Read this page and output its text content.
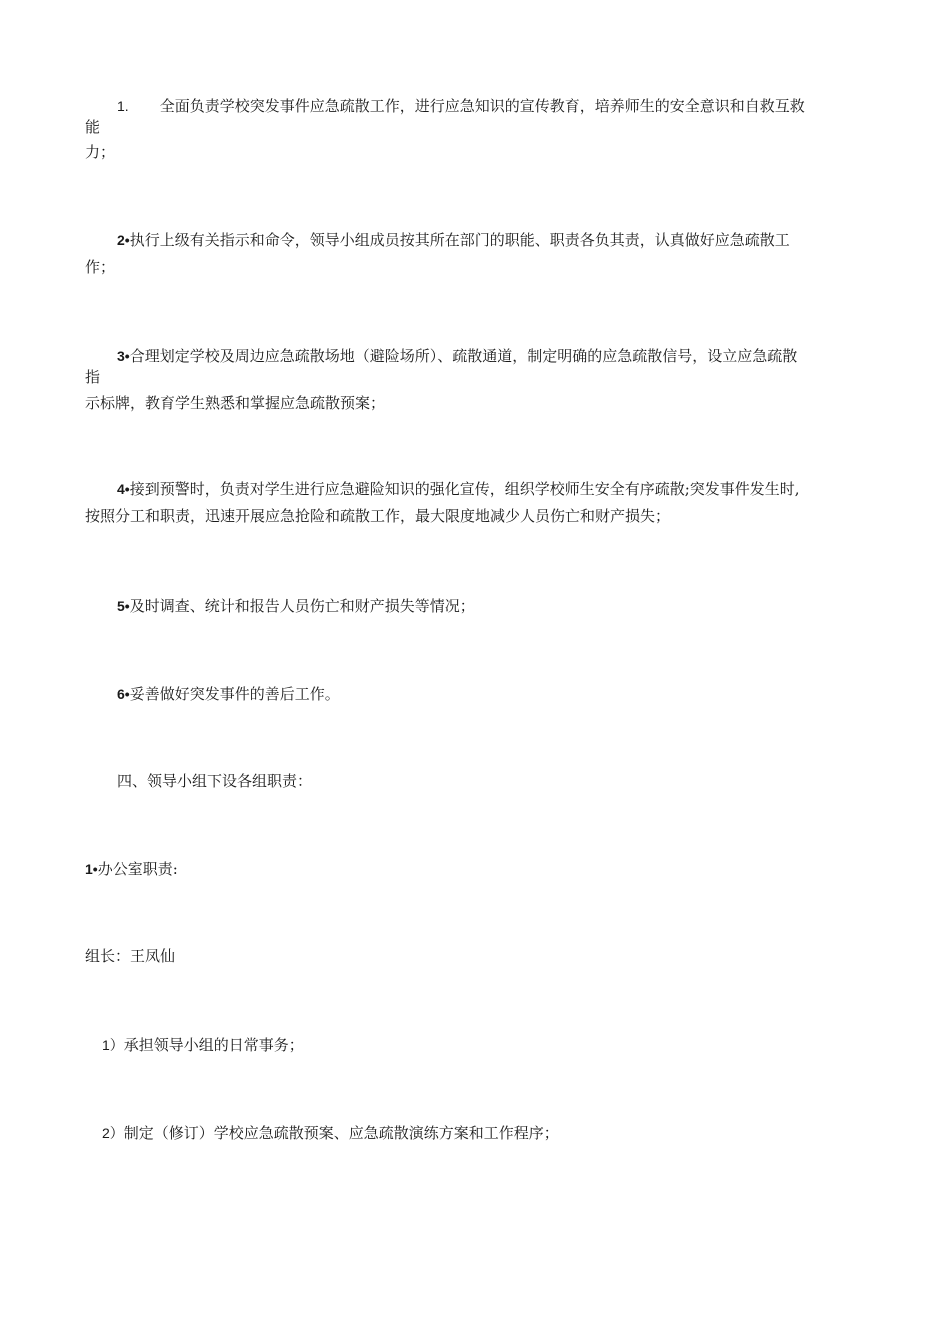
1. 全面负责学校突发事件应急疏散工作，进行应急知识的宣传教育，培养师生的安全意识和自救互救
能
力；
2•执行上级有关指示和命令，领导小组成员按其所在部门的职能、职责各负其责，认真做好应急疏散工
作；
3•合理划定学校及周边应急疏散场地（避险场所）、疏散通道，制定明确的应急疏散信号，设立应急疏散
指
示标牌，教育学生熟悉和掌握应急疏散预案；
4•接到预警时，负责对学生进行应急避险知识的强化宣传，组织学校师生安全有序疏散;突发事件发生时,
按照分工和职责，迅速开展应急抢险和疏散工作，最大限度地减少人员伤亡和财产损失；
5•及时调查、统计和报告人员伤亡和财产损失等情况；
6•妥善做好突发事件的善后工作。
四、领导小组下设各组职责：
1•办公室职责:
组长：王凤仙
1）承担领导小组的日常事务；
2）制定（修订）学校应急疏散预案、应急疏散演练方案和工作程序；
